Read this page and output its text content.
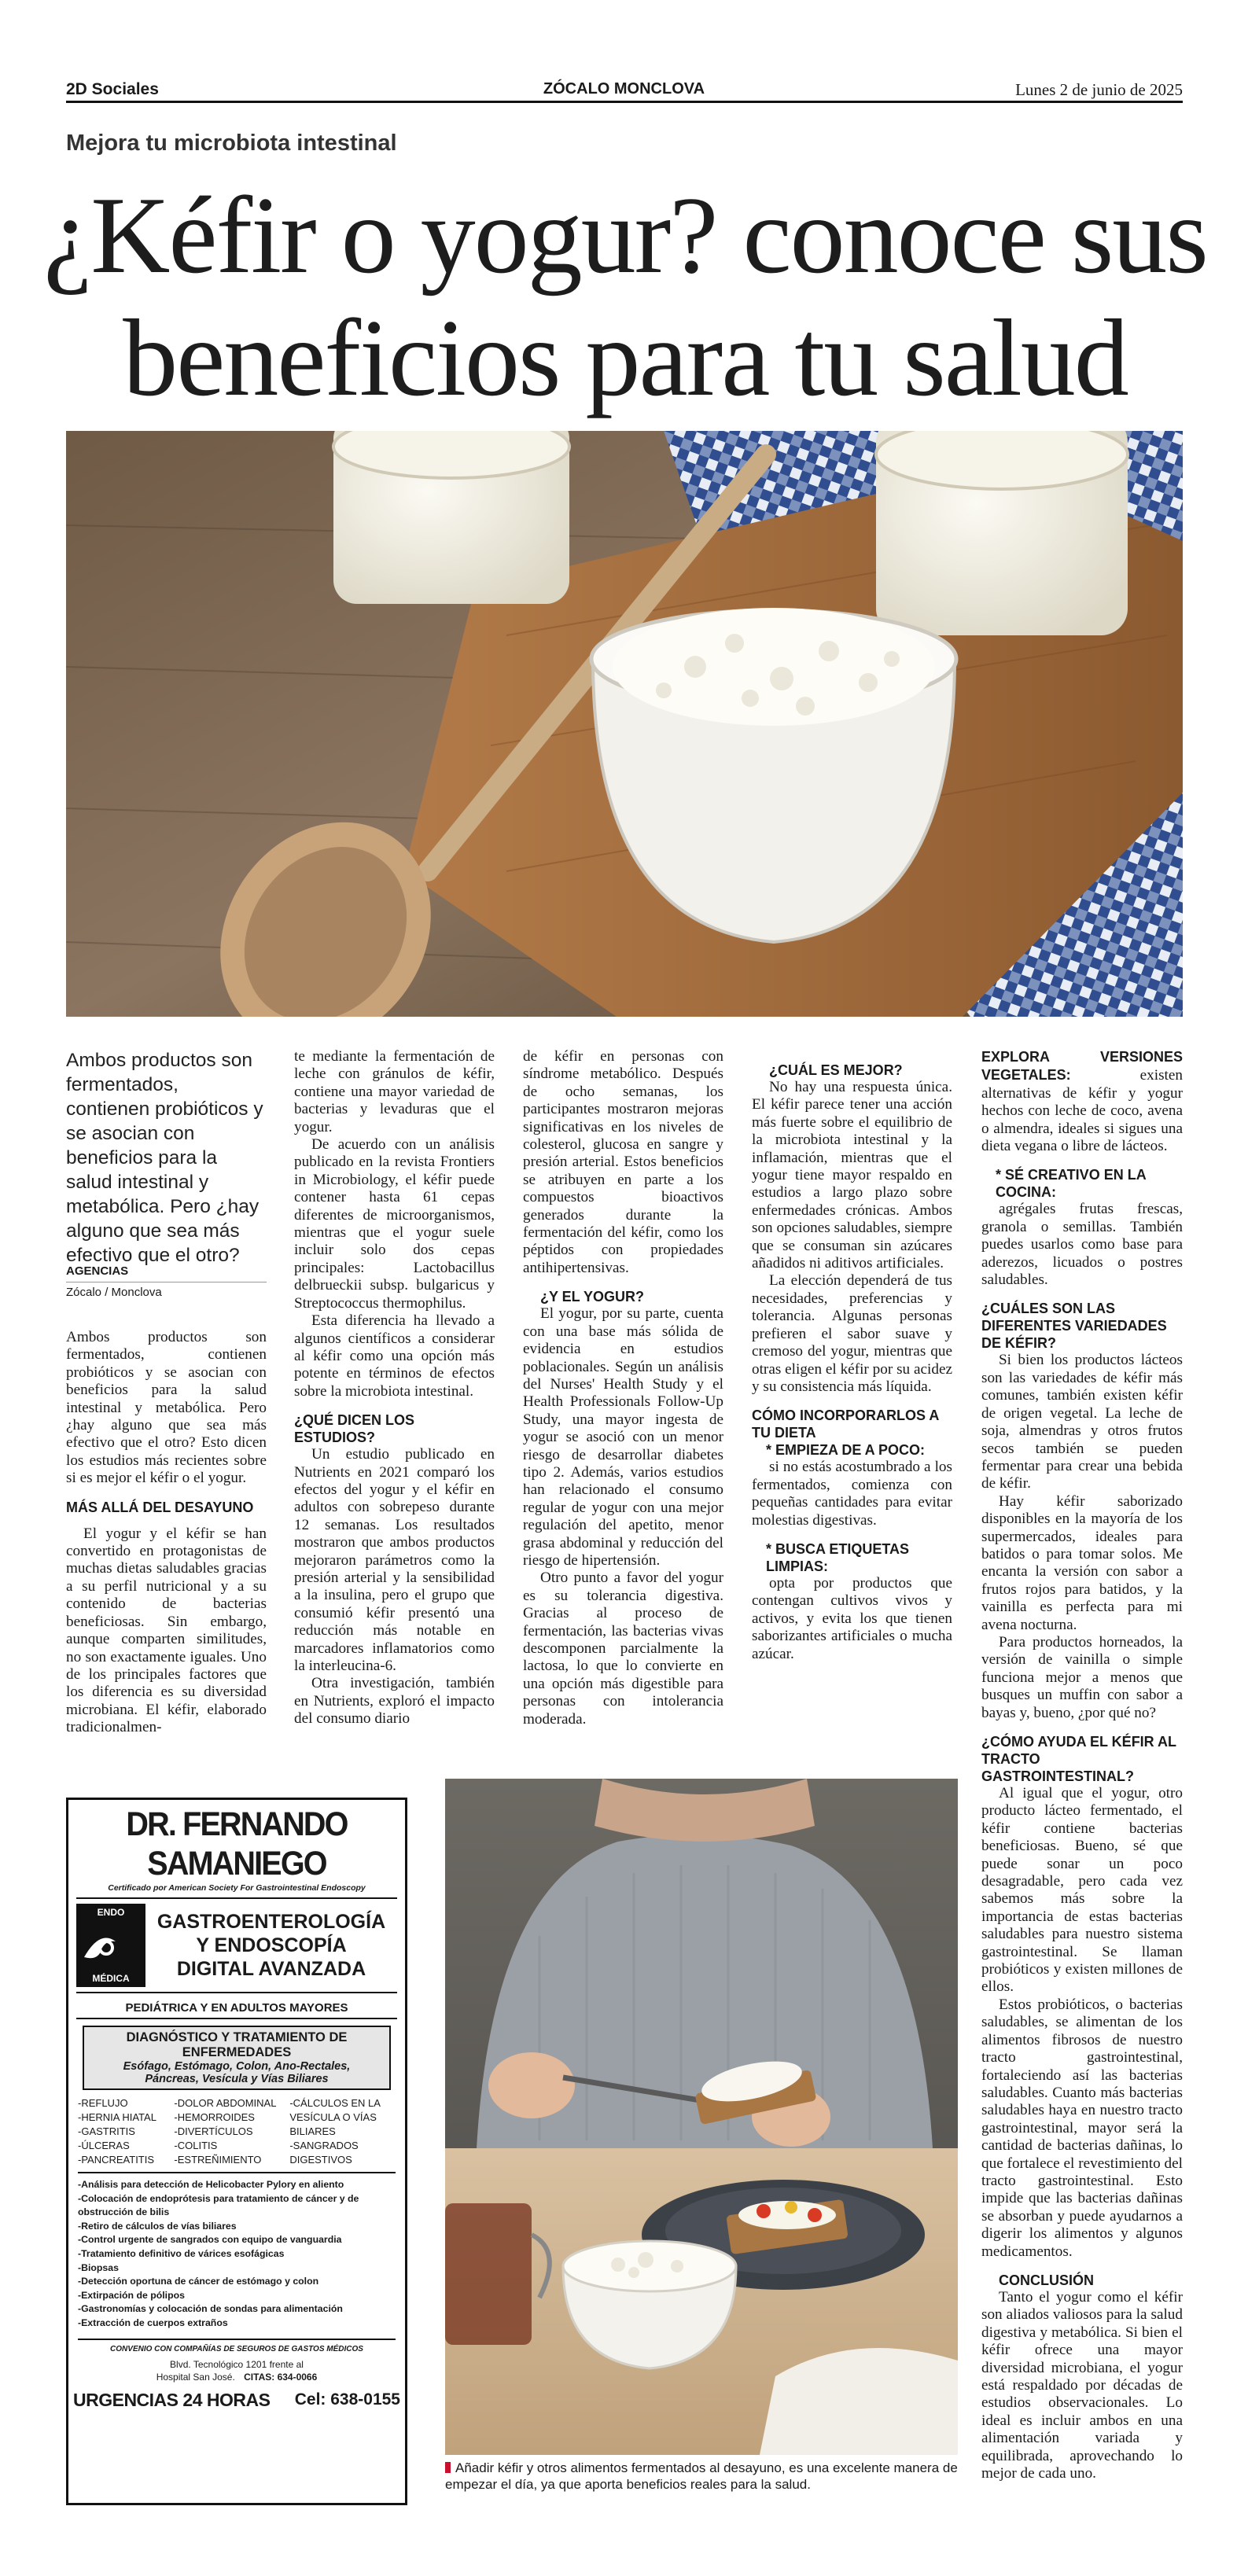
2D Sociales	ZÓCALO MONCLOVA	Lunes 2 de junio de 2025
Mejora tu microbiota intestinal
¿Kéfir o yogur? conoce sus
beneficios para tu salud
Ambos productos son fermentados, contienen probióticos y se asocian con beneficios para la salud intestinal y metabólica. Pero ¿hay alguno que sea más efectivo que el otro?
AGENCIAS
Zócalo / Monclova

Ambos productos son fermentados, contienen probióticos y se asocian con beneficios para la salud intestinal y metabólica. Pero ¿hay alguno que sea más efectivo que el otro? Esto dicen los estudios más recientes sobre si es mejor el kéfir o el yogur.

MÁS ALLÁ DEL DESAYUNO

El yogur y el kéfir se han convertido en protagonistas de muchas dietas saludables gracias a su perfil nutricional y a su contenido de bacterias beneficiosas. Sin embargo, aunque comparten similitudes, no son exactamente iguales. Uno de los principales factores que los diferencia es su diversidad microbiana. El kéfir, elaborado tradicionalmen-

te mediante la fermentación de leche con gránulos de kéfir, contiene una mayor variedad de bacterias y levaduras que el yogur.

De acuerdo con un análisis publicado en la revista Frontiers in Microbiology, el kéfir puede contener hasta 61 cepas diferentes de microorganismos, mientras que el yogur suele incluir solo dos cepas principales: Lactobacillus delbrueckii subsp. bulgaricus y Streptococcus thermophilus.

Esta diferencia ha llevado a algunos científicos a considerar al kéfir como una opción más potente en términos de efectos sobre la microbiota intestinal.

¿QUÉ DICEN LOS ESTUDIOS?

Un estudio publicado en Nutrients en 2021 comparó los efectos del yogur y el kéfir en adultos con sobrepeso durante 12 semanas. Los resultados mostraron que ambos productos mejoraron parámetros como la presión arterial y la sensibilidad a la insulina, pero el grupo que consumió kéfir presentó una reducción más notable en marcadores inflamatorios como la interleucina-6.

Otra investigación, también en Nutrients, exploró el impacto del consumo diario

de kéfir en personas con síndrome metabólico. Después de ocho semanas, los participantes mostraron mejoras significativas en los niveles de colesterol, glucosa en sangre y presión arterial. Estos beneficios se atribuyen en parte a los compuestos bioactivos generados durante la fermentación del kéfir, como los péptidos con propiedades antihipertensivas.

¿Y EL YOGUR?

El yogur, por su parte, cuenta con una base más sólida de evidencia en estudios poblacionales. Según un análisis del Nurses' Health Study y el Health Professionals Follow-Up Study, una mayor ingesta de yogur se asoció con un menor riesgo de desarrollar diabetes tipo 2. Además, varios estudios han relacionado el consumo regular de yogur con una mejor regulación del apetito, menor grasa abdominal y reducción del riesgo de hipertensión.

Otro punto a favor del yogur es su tolerancia digestiva. Gracias al proceso de fermentación, las bacterias vivas descomponen parcialmente la lactosa, lo que lo convierte en una opción más digestible para personas con intolerancia moderada.

¿CUÁL ES MEJOR?

No hay una respuesta única. El kéfir parece tener una acción más fuerte sobre el equilibrio de la microbiota intestinal y la inflamación, mientras que el yogur tiene mayor respaldo en estudios a largo plazo sobre enfermedades crónicas. Ambos son opciones saludables, siempre que se consuman sin azúcares añadidos ni aditivos artificiales.

La elección dependerá de tus necesidades, preferencias y tolerancia. Algunas personas prefieren el sabor suave y cremoso del yogur, mientras que otras eligen el kéfir por su acidez y su consistencia más líquida.

CÓMO INCORPORARLOS A TU DIETA
* EMPIEZA DE A POCO:

si no estás acostumbrado a los fermentados, comienza con pequeñas cantidades para evitar molestias digestivas.

* BUSCA ETIQUETAS LIMPIAS:

opta por productos que contengan cultivos vivos y activos, y evita los que tienen saborizantes artificiales o mucha azúcar.

EXPLORA VERSIONES VEGETALES: existen alternativas de kéfir y yogur hechos con leche de coco, avena o almendra, ideales si sigues una dieta vegana o libre de lácteos.

* SÉ CREATIVO EN LA COCINA:

agrégales frutas frescas, granola o semillas. También puedes usarlos como base para aderezos, licuados o postres saludables.

¿CUÁLES SON LAS DIFERENTES VARIEDADES DE KÉFIR?

Si bien los productos lácteos son las variedades de kéfir más comunes, también existen kéfir de origen vegetal. La leche de soja, almendras y otros frutos secos también se pueden fermentar para crear una bebida de kéfir.

Hay kéfir saborizado disponibles en la mayoría de los supermercados, ideales para batidos o para tomar solos. Me encanta la versión con sabor a frutos rojos para batidos, y la vainilla es perfecta para mi avena nocturna.

Para productos horneados, la versión de vainilla o simple funciona mejor a menos que busques un muffin con sabor a bayas y, bueno, ¿por qué no?

¿CÓMO AYUDA EL KÉFIR AL TRACTO GASTROINTESTINAL?

Al igual que el yogur, otro producto lácteo fermentado, el kéfir contiene bacterias beneficiosas. Bueno, sé que puede sonar un poco desagradable, pero cada vez sabemos más sobre la importancia de estas bacterias saludables para nuestro sistema gastrointestinal. Se llaman probióticos y existen millones de ellos.

Estos probióticos, o bacterias saludables, se alimentan de los alimentos fibrosos de nuestro tracto gastrointestinal, fortaleciendo así las bacterias saludables. Cuanto más bacterias saludables haya en nuestro tracto gastrointestinal, mayor será la cantidad de bacterias dañinas, lo que fortalece el revestimiento del tracto gastrointestinal. Esto impide que las bacterias dañinas se absorban y puede ayudarnos a digerir los alimentos y algunos medicamentos.

CONCLUSIÓN

Tanto el yogur como el kéfir son aliados valiosos para la salud digestiva y metabólica. Si bien el kéfir ofrece una mayor diversidad microbiana, el yogur está respaldado por décadas de estudios observacionales. Lo ideal es incluir ambos en una alimentación variada y equilibrada, aprovechando lo mejor de cada uno.

DR. FERNANDO SAMANIEGO
Certificado por American Society For Gastrointestinal Endoscopy
ENDO
MÉDICA
GASTROENTEROLOGÍA
Y ENDOSCOPÍA
DIGITAL AVANZADA
PEDIÁTRICA Y EN ADULTOS MAYORES
DIAGNÓSTICO Y TRATAMIENTO DE
ENFERMEDADES
Esófago, Estómago, Colon, Ano-Rectales,
Páncreas, Vesícula y Vías Biliares
-REFLUJO
-HERNIA HIATAL
-GASTRITIS
-ÚLCERAS
-PANCREATITIS
-DOLOR ABDOMINAL
-HEMORROIDES
-DIVERTÍCULOS
-COLITIS
-ESTREÑIMIENTO
-CÁLCULOS EN LA
VESÍCULA O VÍAS
BILIARES
-SANGRADOS
DIGESTIVOS
-Análisis para detección de Helicobacter Pylory en aliento
-Colocación de endoprótesis para tratamiento de cáncer y de obstrucción de bilis
-Retiro de cálculos de vías biliares
-Control urgente de sangrados con equipo de vanguardia
-Tratamiento definitivo de várices esofágicas
-Biopsas
-Detección oportuna de cáncer de estómago y colon
-Extirpación de pólipos
-Gastronomías y colocación de sondas para alimentación
-Extracción de cuerpos extraños
CONVENIO CON COMPAÑÍAS DE SEGUROS DE GASTOS MÉDICOS
Blvd. Tecnológico 1201 frente al
Hospital San José. CITAS: 634-0066
URGENCIAS 24 HORAS Cel: 638-0155
Añadir kéfir y otros alimentos fermentados al desayuno, es una excelente manera de empezar el día, ya que aporta beneficios reales para la salud.
